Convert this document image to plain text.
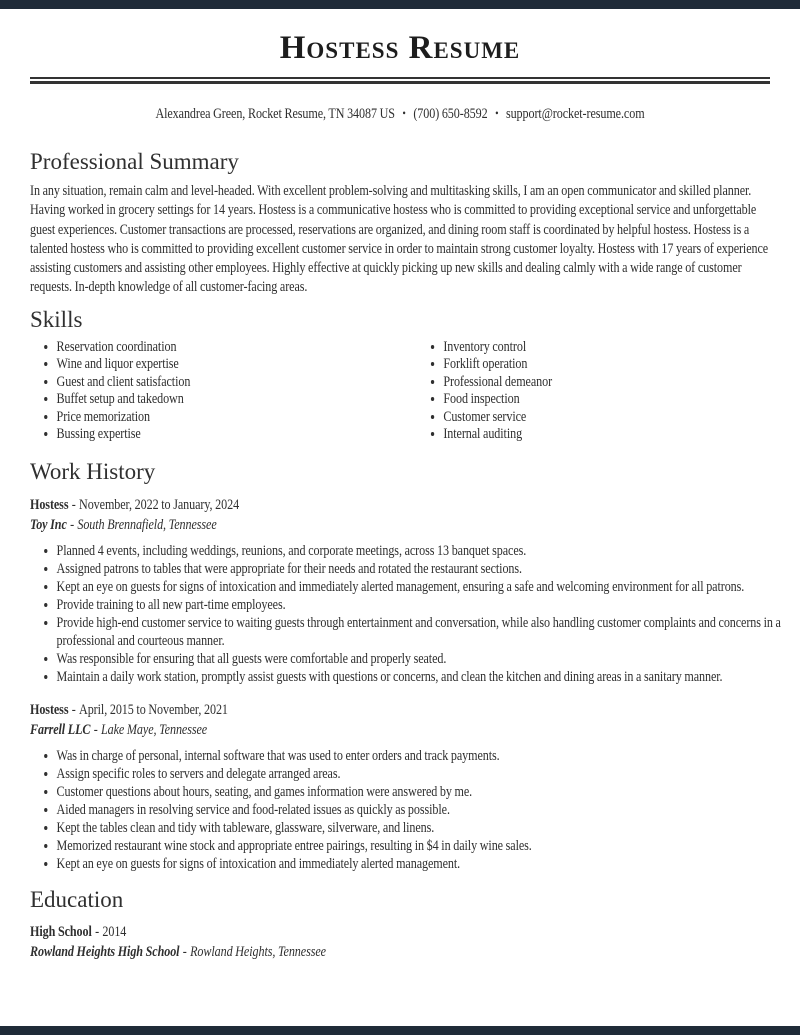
Hostess Resume
Alexandrea Green, Rocket Resume, TN 34087 US • (700) 650-8592 • support@rocket-resume.com
Professional Summary

In any situation, remain calm and level-headed. With excellent problem-solving and multitasking skills, I am an open communicator and skilled planner. Having worked in grocery settings for 14 years. Hostess is a communicative hostess who is committed to providing exceptional service and unforgettable guest experiences. Customer transactions are processed, reservations are organized, and dining room staff is coordinated by helpful hostess. Hostess is a talented hostess who is committed to providing excellent customer service in order to maintain strong customer loyalty. Hostess with 17 years of experience assisting customers and assisting other employees. Highly effective at quickly picking up new skills and dealing calmly with a wide range of customer requests. In-depth knowledge of all customer-facing areas.

Skills
• Reservation coordination
• Wine and liquor expertise
• Guest and client satisfaction
• Buffet setup and takedown
• Price memorization
• Bussing expertise
• Inventory control
• Forklift operation
• Professional demeanor
• Food inspection
• Customer service
• Internal auditing
Work History

Hostess - November, 2022 to January, 2024

Toy Inc - South Brennafield, Tennessee

• Planned 4 events, including weddings, reunions, and corporate meetings, across 13 banquet spaces.
• Assigned patrons to tables that were appropriate for their needs and rotated the restaurant sections.
• Kept an eye on guests for signs of intoxication and immediately alerted management, ensuring a safe and welcoming environment for all patrons.
• Provide training to all new part-time employees.
• Provide high-end customer service to waiting guests through entertainment and conversation, while also handling customer complaints and concerns in a professional and courteous manner.
• Was responsible for ensuring that all guests were comfortable and properly seated.
• Maintain a daily work station, promptly assist guests with questions or concerns, and clean the kitchen and dining areas in a sanitary manner.

Hostess - April, 2015 to November, 2021

Farrell LLC - Lake Maye, Tennessee

• Was in charge of personal, internal software that was used to enter orders and track payments.
• Assign specific roles to servers and delegate arranged areas.
• Customer questions about hours, seating, and games information were answered by me.
• Aided managers in resolving service and food-related issues as quickly as possible.
• Kept the tables clean and tidy with tableware, glassware, silverware, and linens.
• Memorized restaurant wine stock and appropriate entree pairings, resulting in $4 in daily wine sales.
• Kept an eye on guests for signs of intoxication and immediately alerted management.
Education

High School - 2014

Rowland Heights High School - Rowland Heights, Tennessee
